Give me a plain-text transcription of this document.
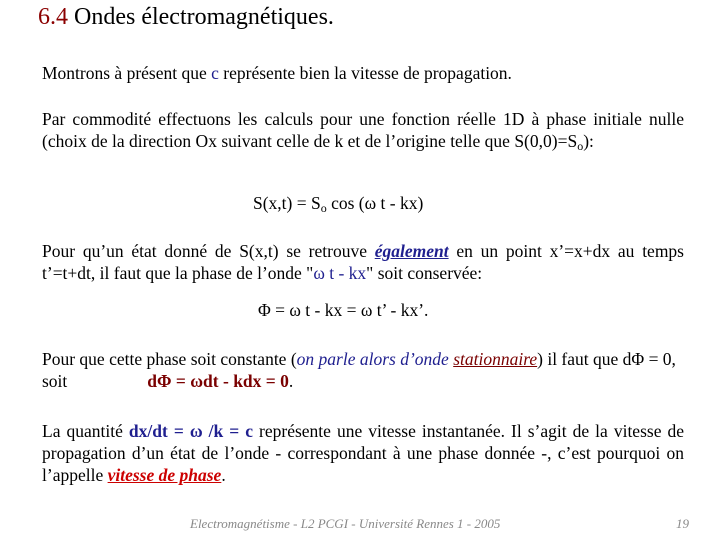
6.4 Ondes électromagnétiques.
Montrons à présent que c représente bien la vitesse de propagation.
Par commodité effectuons les calculs pour une fonction réelle 1D à phase initiale nulle (choix de la direction Ox suivant celle de k et de l’origine telle que $S(0,0)=S_o$):
$S(x,t) = S_o$ cos (ω t - kx)
Pour qu’un état donné de S(x,t) se retrouve également en un point x’=x+dx au temps t’=t+dt, il faut que la phase de l’onde "ω t - kx" soit conservée:
Φ = ω t - kx = ω t’ - kx’.
Pour que cette phase soit constante (on parle alors d’onde stationnaire) il faut que dΦ = 0, soit	dΦ = ωdt - kdx = 0.
La quantité dx/dt = ω /k = c représente une vitesse instantanée. Il s’agit de la vitesse de propagation d’un état de l’onde - correspondant à une phase donnée -, c’est pourquoi on l’appelle vitesse de phase.
Electromagnétisme - L2 PCGI - Université Rennes 1 - 2005	19
